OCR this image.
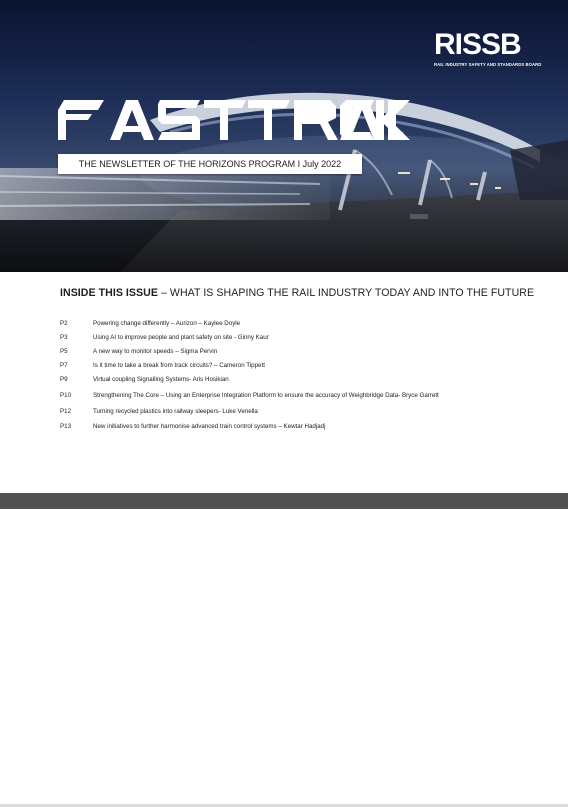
RISSB
RAIL INDUSTRY SAFETY AND STANDARDS BOARD
THE NEWSLETTER OF THE HORIZONS PROGRAM I July 2022
INSIDE THIS ISSUE – WHAT IS SHAPING THE RAIL INDUSTRY TODAY AND INTO THE FUTURE
P2	Powering change differently – Aurizon – Kaylee Doyle
P3	Using AI to improve people and plant safety on site - Ginny Kaur
P5	A new way to monitor speeds – Sigma Pervin
P7	Is it time to take a break from track circuits? – Cameron Tippett
P9	Virtual coupling Signalling Systems- Aris Hosikian
P10	Strengthening The Core – Using an Enterprise Integration Platform to ensure the accuracy of Weighbridge Data- Bryce Garrett
P12	Turning recycled plastics into railway sleepers- Luke Venella
P13	New initiatives to further harmonise advanced train control systems – Kewtar Hadjadj
